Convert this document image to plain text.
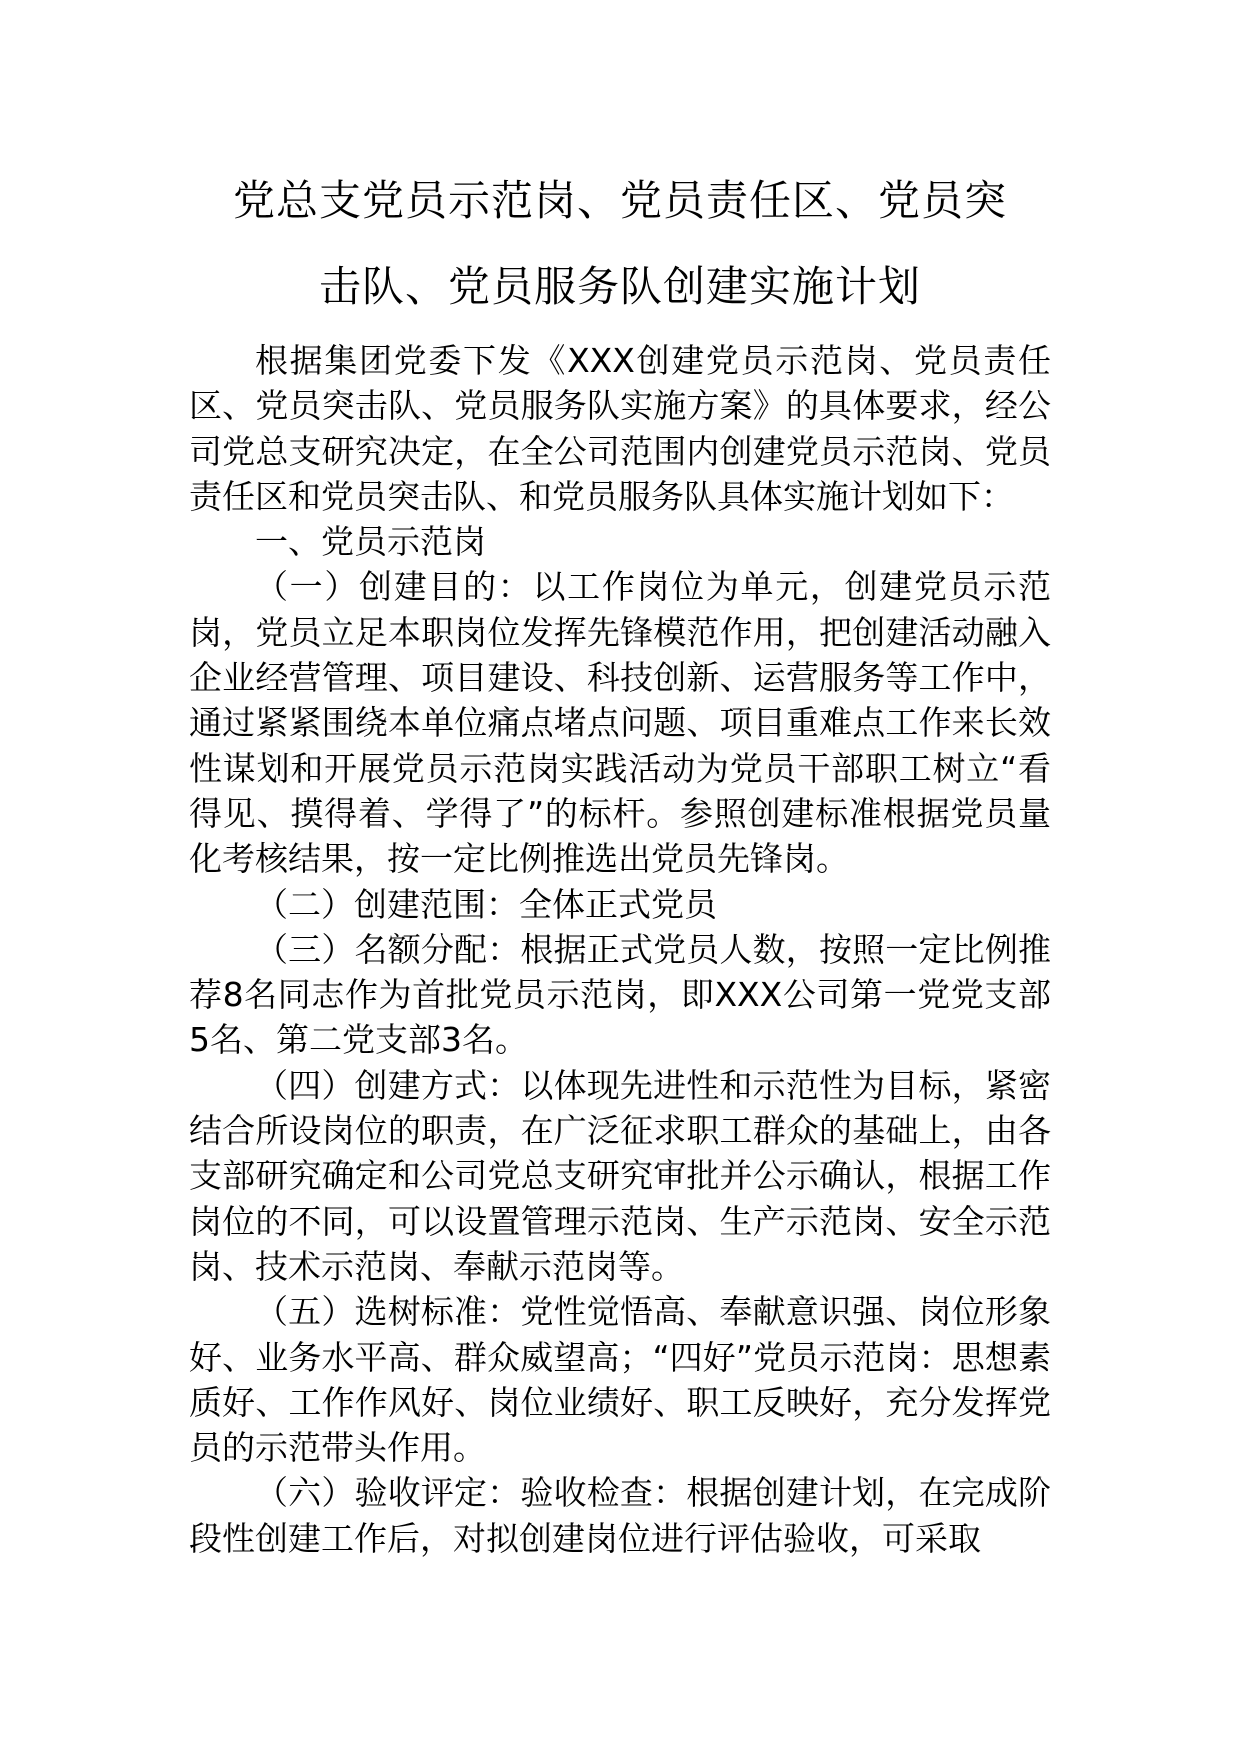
党总支党员示范岗、党员责任区、党员突
击队、党员服务队创建实施计划

根据集团党委下发《XXX创建党员示范岗、党员责任区、党员突击队、党员服务队实施方案》的具体要求，经公司党总支研究决定，在全公司范围内创建党员示范岗、党员责任区和党员突击队、和党员服务队具体实施计划如下：

一、党员示范岗

（一）创建目的：以工作岗位为单元，创建党员示范岗，党员立足本职岗位发挥先锋模范作用，把创建活动融入企业经营管理、项目建设、科技创新、运营服务等工作中，通过紧紧围绕本单位痛点堵点问题、项目重难点工作来长效性谋划和开展党员示范岗实践活动为党员干部职工树立“看得见、摸得着、学得了”的标杆。参照创建标准根据党员量化考核结果，按一定比例推选出党员先锋岗。

（二）创建范围：全体正式党员

（三）名额分配：根据正式党员人数，按照一定比例推荐8名同志作为首批党员示范岗，即XXX公司第一党党支部5名、第二党支部3名。

（四）创建方式：以体现先进性和示范性为目标，紧密结合所设岗位的职责，在广泛征求职工群众的基础上，由各支部研究确定和公司党总支研究审批并公示确认，根据工作岗位的不同，可以设置管理示范岗、生产示范岗、安全示范岗、技术示范岗、奉献示范岗等。

（五）选树标准：党性觉悟高、奉献意识强、岗位形象好、业务水平高、群众威望高；“四好”党员示范岗：思想素质好、工作作风好、岗位业绩好、职工反映好，充分发挥党员的示范带头作用。

（六）验收评定：验收检查：根据创建计划，在完成阶段性创建工作后，对拟创建岗位进行评估验收，可采取
